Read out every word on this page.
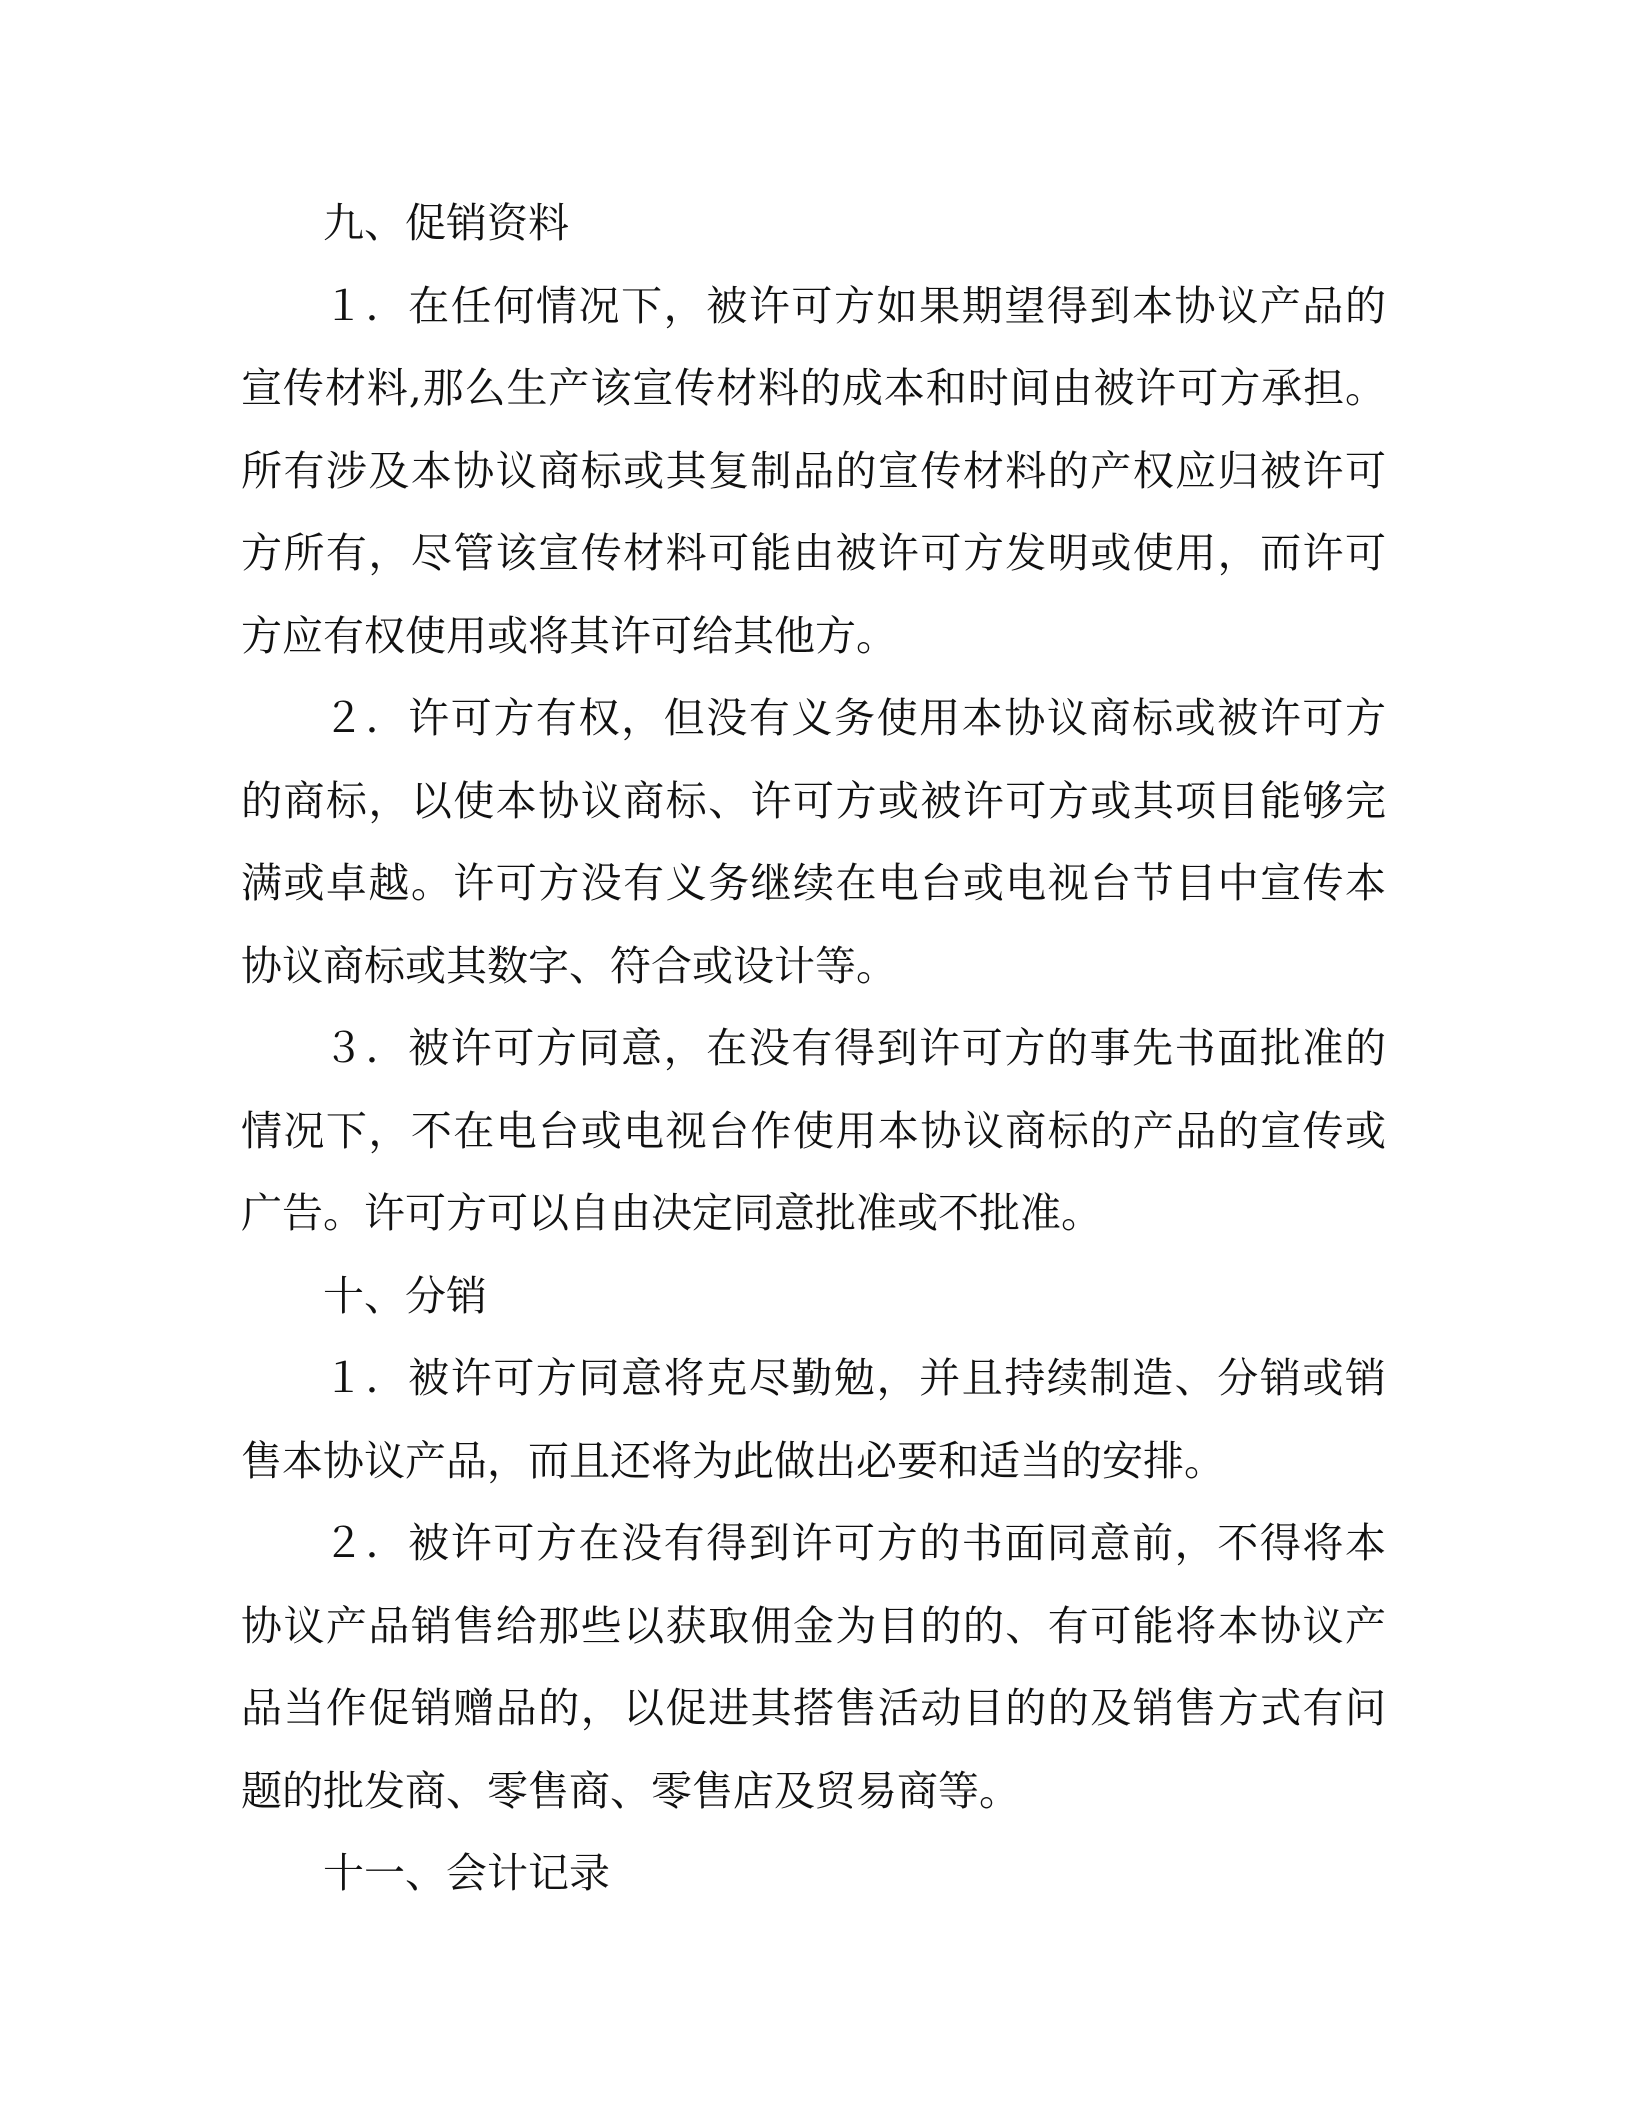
九、促销资料

１．在任何情况下，被许可方如果期望得到本协议产品的宣传材料,那么生产该宣传材料的成本和时间由被许可方承担。所有涉及本协议商标或其复制品的宣传材料的产权应归被许可方所有，尽管该宣传材料可能由被许可方发明或使用，而许可方应有权使用或将其许可给其他方。

２．许可方有权，但没有义务使用本协议商标或被许可方的商标，以使本协议商标、许可方或被许可方或其项目能够完满或卓越。许可方没有义务继续在电台或电视台节目中宣传本协议商标或其数字、符合或设计等。

３．被许可方同意，在没有得到许可方的事先书面批准的情况下，不在电台或电视台作使用本协议商标的产品的宣传或广告。许可方可以自由决定同意批准或不批准。

十、分销

１．被许可方同意将克尽勤勉，并且持续制造、分销或销售本协议产品，而且还将为此做出必要和适当的安排。

２．被许可方在没有得到许可方的书面同意前，不得将本协议产品销售给那些以获取佣金为目的的、有可能将本协议产品当作促销赠品的，以促进其搭售活动目的的及销售方式有问题的批发商、零售商、零售店及贸易商等。

十一、会计记录
